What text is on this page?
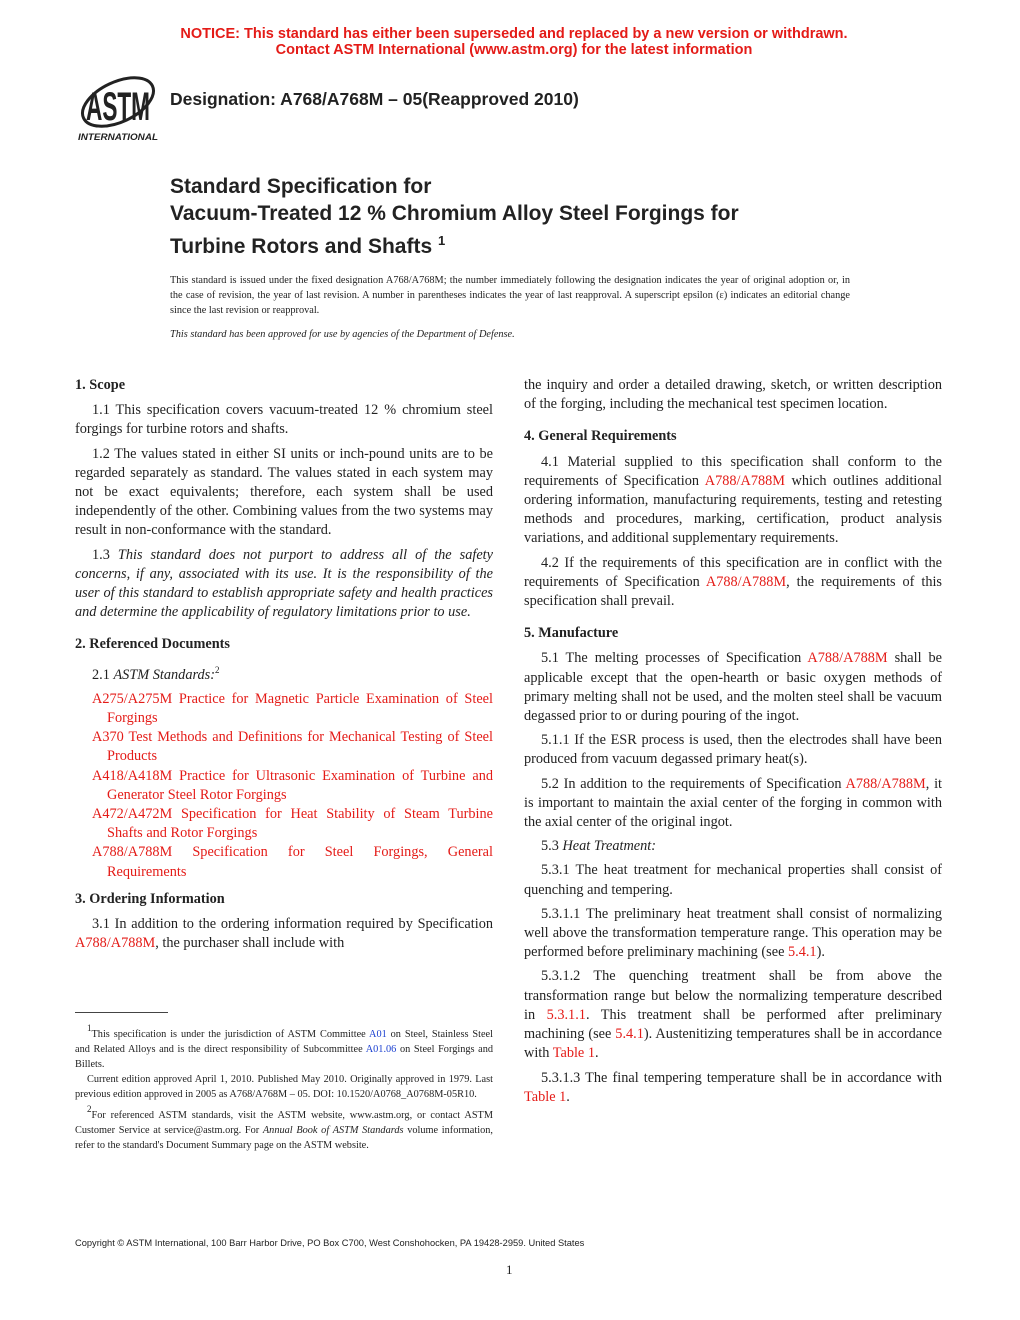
NOTICE: This standard has either been superseded and replaced by a new version or withdrawn.
Contact ASTM International (www.astm.org) for the latest information
ASTM
INTERNATIONAL
Designation: A768/A768M – 05(Reapproved 2010)
Standard Specification for
Vacuum-Treated 12 % Chromium Alloy Steel Forgings for
Turbine Rotors and Shafts $^1$
This standard is issued under the fixed designation A768/A768M; the number immediately following the designation indicates the year of original adoption or, in the case of revision, the year of last revision. A number in parentheses indicates the year of last reapproval. A superscript epsilon (ε) indicates an editorial change since the last revision or reapproval.
This standard has been approved for use by agencies of the Department of Defense.
1. Scope
1.1 This specification covers vacuum-treated 12 % chromium steel forgings for turbine rotors and shafts.
1.2 The values stated in either SI units or inch-pound units are to be regarded separately as standard. The values stated in each system may not be exact equivalents; therefore, each system shall be used independently of the other. Combining values from the two systems may result in non-conformance with the standard.
1.3 This standard does not purport to address all of the safety concerns, if any, associated with its use. It is the responsibility of the user of this standard to establish appropriate safety and health practices and determine the applicability of regulatory limitations prior to use.
2. Referenced Documents
2.1 ASTM Standards:$^2$
A275/A275M Practice for Magnetic Particle Examination of Steel Forgings
A370 Test Methods and Definitions for Mechanical Testing of Steel Products
A418/A418M Practice for Ultrasonic Examination of Turbine and Generator Steel Rotor Forgings
A472/A472M Specification for Heat Stability of Steam Turbine Shafts and Rotor Forgings
A788/A788M Specification for Steel Forgings, General Requirements
3. Ordering Information
3.1 In addition to the ordering information required by Specification A788/A788M, the purchaser shall include with
the inquiry and order a detailed drawing, sketch, or written description of the forging, including the mechanical test specimen location.
4. General Requirements
4.1 Material supplied to this specification shall conform to the requirements of Specification A788/A788M which outlines additional ordering information, manufacturing requirements, testing and retesting methods and procedures, marking, certification, product analysis variations, and additional supplementary requirements.
4.2 If the requirements of this specification are in conflict with the requirements of Specification A788/A788M, the requirements of this specification shall prevail.
5. Manufacture
5.1 The melting processes of Specification A788/A788M shall be applicable except that the open-hearth or basic oxygen methods of primary melting shall not be used, and the molten steel shall be vacuum degassed prior to or during pouring of the ingot.
5.1.1 If the ESR process is used, then the electrodes shall have been produced from vacuum degassed primary heat(s).
5.2 In addition to the requirements of Specification A788/A788M, it is important to maintain the axial center of the forging in common with the axial center of the original ingot.
5.3 Heat Treatment:
5.3.1 The heat treatment for mechanical properties shall consist of quenching and tempering.
5.3.1.1 The preliminary heat treatment shall consist of normalizing well above the transformation temperature range. This operation may be performed before preliminary machining (see 5.4.1).
5.3.1.2 The quenching treatment shall be from above the transformation range but below the normalizing temperature described in 5.3.1.1. This treatment shall be performed after preliminary machining (see 5.4.1). Austenitizing temperatures shall be in accordance with Table 1.
5.3.1.3 The final tempering temperature shall be in accordance with Table 1.
1This specification is under the jurisdiction of ASTM Committee A01 on Steel, Stainless Steel and Related Alloys and is the direct responsibility of Subcommittee A01.06 on Steel Forgings and Billets.
Current edition approved April 1, 2010. Published May 2010. Originally approved in 1979. Last previous edition approved in 2005 as A768/A768M – 05. DOI: 10.1520/A0768_A0768M-05R10.
2For referenced ASTM standards, visit the ASTM website, www.astm.org, or contact ASTM Customer Service at service@astm.org. For Annual Book of ASTM Standards volume information, refer to the standard's Document Summary page on the ASTM website.
Copyright © ASTM International, 100 Barr Harbor Drive, PO Box C700, West Conshohocken, PA 19428-2959. United States
1
